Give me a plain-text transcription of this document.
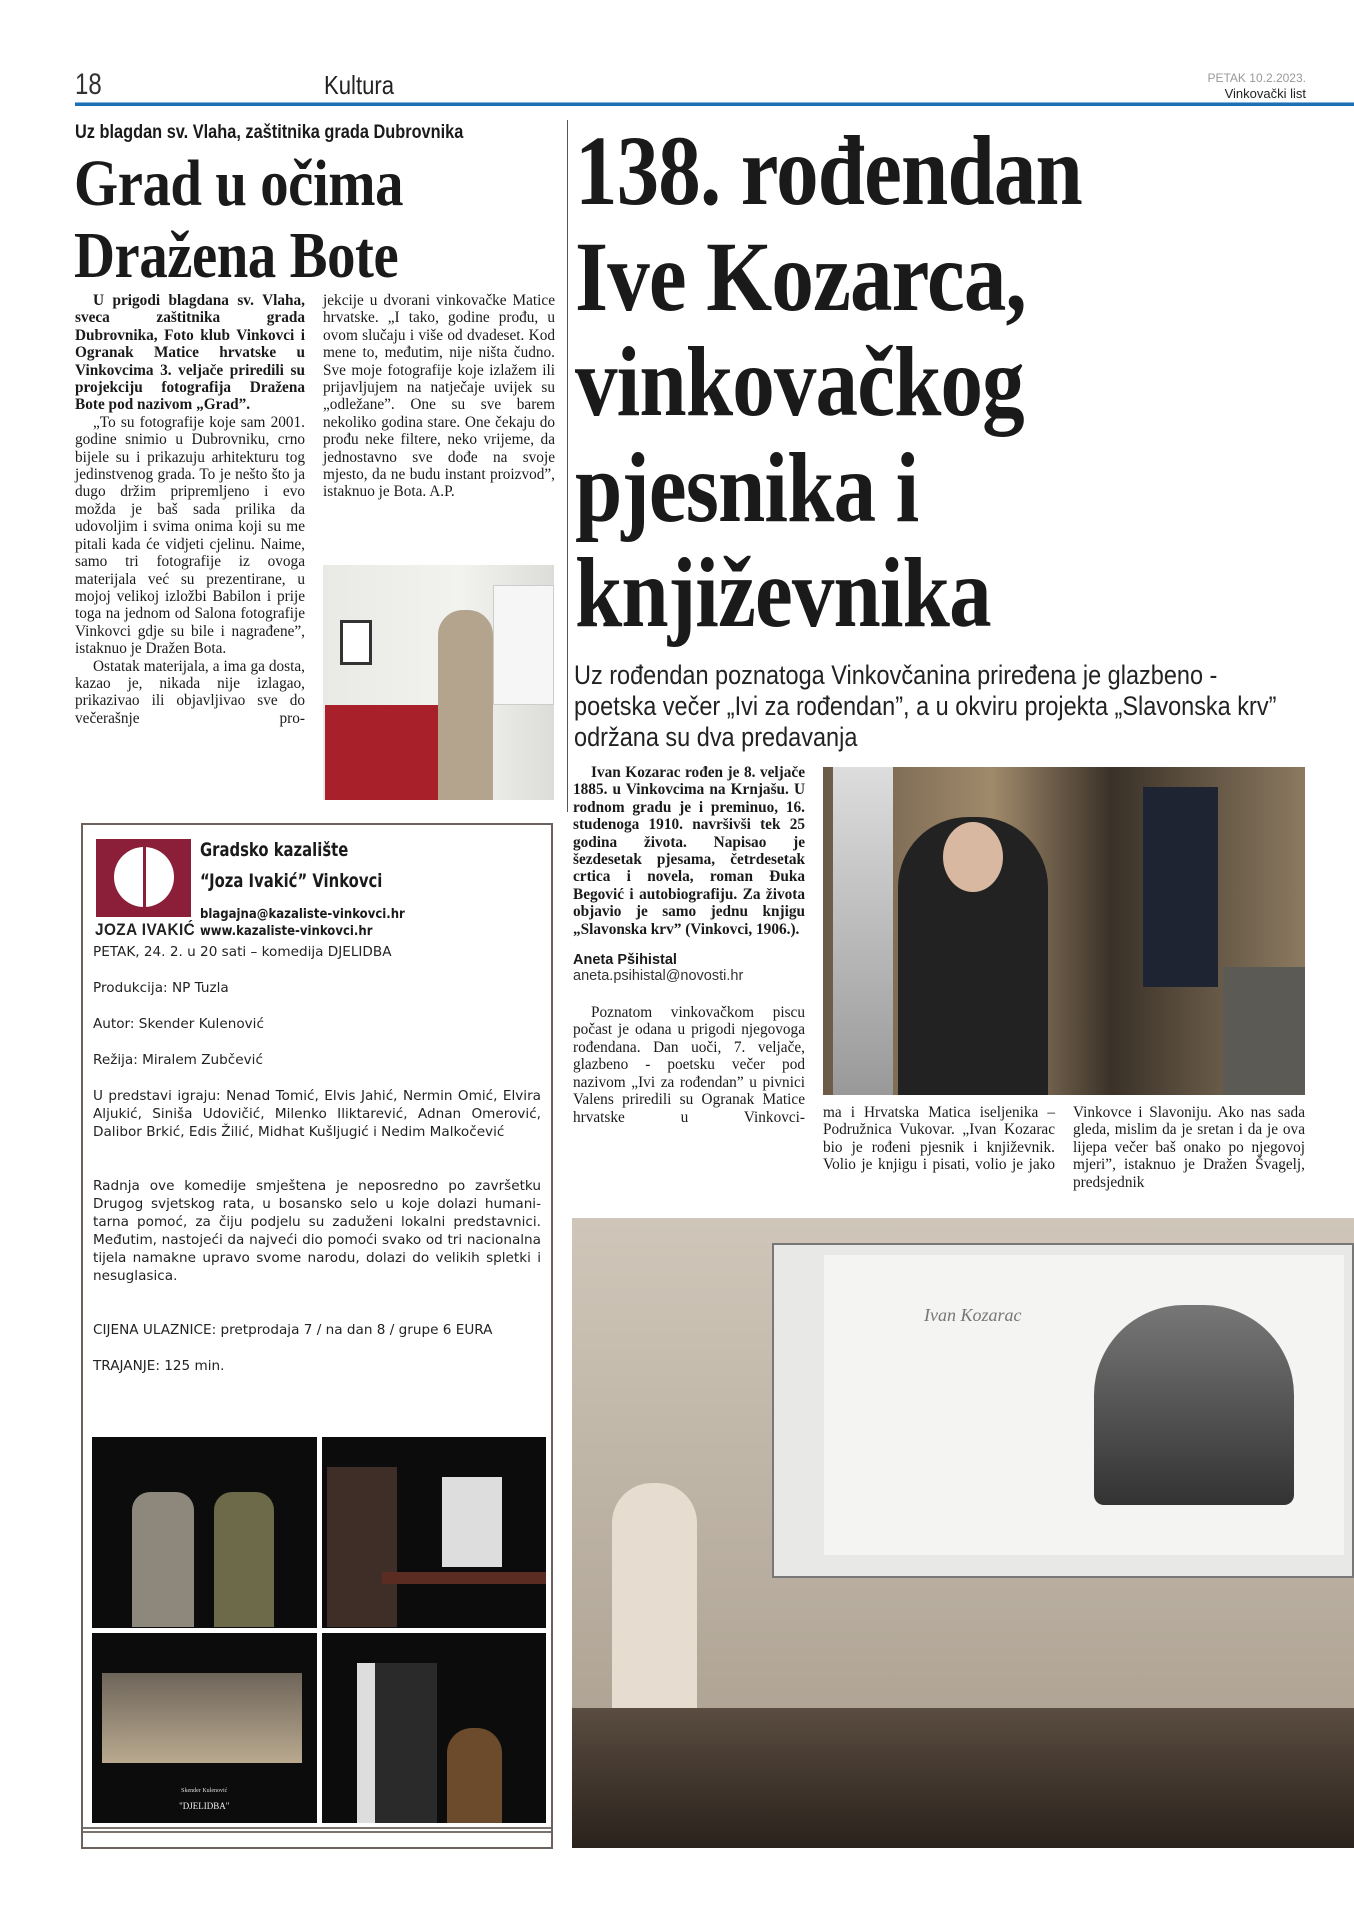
18	Kultura	PETAK 10.2.2023.
Vinkovački list
Uz blagdan sv. Vlaha, zaštitnika grada Dubrovnika
Grad u očima
Dražena Bote

U prigodi blagdana sv. Vlaha, sveca zaštitnika grada Dubrovnika, Foto klub Vinkovci i Ogranak Matice hrvatske u Vinkovcima 3. veljače priredili su projekciju fotografija Dražena Bote pod nazivom „Grad”.

„To su fotografije koje sam 2001. godine snimio u Dubrovniku, crno bijele su i prikazuju arhitekturu tog jedinstvenog grada. To je nešto što ja dugo držim pripremljeno i evo možda je baš sada prilika da udovoljim i svima onima koji su me pitali kada će vidjeti cjelinu. Naime, samo tri fotografije iz ovoga materijala već su prezentirane, u mojoj velikoj izložbi Babilon i prije toga na jednom od Salona fotografije Vinkovci gdje su bile i nagrađene”, istaknuo je Dražen Bota.

Ostatak materijala, a ima ga dosta, kazao je, nikada nije izlagao, prikazivao ili objavljivao sve do večerašnje pro-

jekcije u dvorani vinkovačke Matice hrvatske. „I tako, godine prođu, u ovom slučaju i više od dvadeset. Kod mene to, međutim, nije ništa čudno. Sve moje fotografije koje izlažem ili prijavljujem na natječaje uvijek su „odležane”. One su sve barem nekoliko godina stare. One čekaju do prođu neke filtere, neko vrijeme, da jednostavno sve dođe na svoje mjesto, da ne budu instant proizvod”, istaknuo je Bota. A.P.
JOZA IVAKIĆ
Gradsko kazalište
“Joza Ivakić” Vinkovci
blagajna@kazaliste-vinkovci.hr
www.kazaliste-vinkovci.hr
PETAK, 24. 2. u 20 sati – komedija DJELIDBA
Produkcija: NP Tuzla
Autor: Skender Kulenović
Režija: Miralem Zubčević
U predstavi igraju: Nenad Tomić, Elvis Jahić, Nermin Omić, Elvira Aljukić, Siniša Udovičić, Milenko Iliktarević, Adnan Omerović, Dalibor Brkić, Edis Žilić, Midhat Kušljugić i Nedim Malkočević
Radnja ove komedije smještena je neposredno po završetku Drugog svjetskog rata, u bosansko selo u koje dolazi humanitarna pomoć, za čiju podjelu su zaduženi lokalni predstavnici. Međutim, nastojeći da najveći dio pomoći svako od tri nacionalna tijela namakne upravo svome narodu, dolazi do velikih spletki i nesuglasica.
CIJENA ULAZNICE: pretprodaja 7 / na dan 8 / grupe 6 EURA
TRAJANJE: 125 min.
Skender Kulenović
"DJELIDBA"
138. rođendan
Ive Kozarca,
vinkovačkog
pjesnika i
književnika
Uz rođendan poznatoga Vinkovčanina priređena je glazbeno - poetska večer „Ivi za rođendan”, a u okviru projekta „Slavonska krv” održana su dva predavanja

Ivan Kozarac rođen je 8. veljače 1885. u Vinkovcima na Krnjašu. U rodnom gradu je i preminuo, 16. studenoga 1910. navršivši tek 25 godina života. Napisao je šezdesetak pjesama, četrdesetak crtica i novela, roman Đuka Begović i autobiografiju. Za života objavio je samo jednu knjigu „Slavonska krv” (Vinkovci, 1906.).

Aneta Pšihistal
aneta.psihistal@novosti.hr

Poznatom vinkovačkom piscu počast je odana u prigodi njegovoga rođendana. Dan uoči, 7. veljače, glazbeno - poetsku večer pod nazivom „Ivi za rođendan” u pivnici Valens priredili su Ogranak Matice hrvatske u Vinkovci- ma i Hrvatska Matica iseljenika – Podružnica Vukovar. „Ivan Kozarac bio je rođeni pjesnik i književnik. Volio je knjigu i pisati, volio je jako
Vinkovce i Slavoniju. Ako nas sada gleda, mislim da je sretan i da je ova lijepa večer baš onako po njegovoj mjeri”, istaknuo je Dražen Švagelj, predsjednik
Ivan Kozarac
